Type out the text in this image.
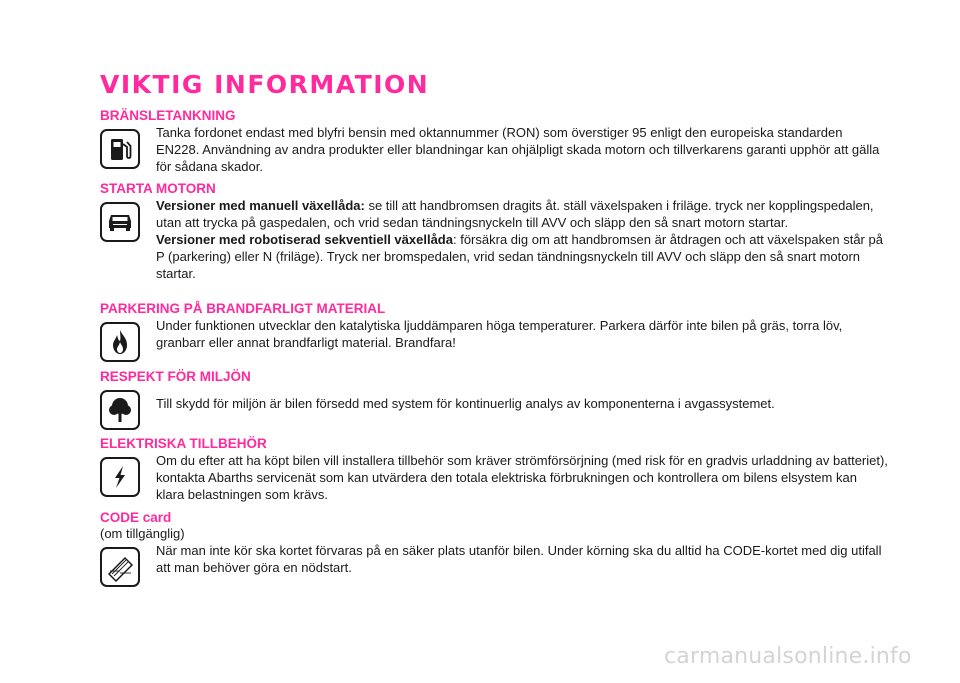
VIKTIG INFORMATION
BRÄNSLETANKNING

Tanka fordonet endast med blyfri bensin med oktannummer (RON) som överstiger 95 enligt den europeiska standarden EN228. Användning av andra produkter eller blandningar kan ohjälpligt skada motorn och tillverkarens garanti upphör att gälla för sådana skador.

STARTA MOTORN

Versioner med manuell växellåda: se till att handbromsen dragits åt. ställ växelspaken i friläge. tryck ner kopplingspedalen, utan att trycka på gaspedalen, och vrid sedan tändningsnyckeln till AVV och släpp den så snart motorn startar.

Versioner med robotiserad sekventiell växellåda: försäkra dig om att handbromsen är åtdragen och att växelspaken står på P (parkering) eller N (friläge). Tryck ner bromspedalen, vrid sedan tändningsnyckeln till AVV och släpp den så snart motorn startar.

PARKERING PÅ BRANDFARLIGT MATERIAL

Under funktionen utvecklar den katalytiska ljuddämparen höga temperaturer. Parkera därför inte bilen på gräs, torra löv, granbarr eller annat brandfarligt material. Brandfara!

RESPEKT FÖR MILJÖN

Till skydd för miljön är bilen försedd med system för kontinuerlig analys av komponenterna i avgassystemet.

ELEKTRISKA TILLBEHÖR

Om du efter att ha köpt bilen vill installera tillbehör som kräver strömförsörjning (med risk för en gradvis urladdning av batteriet), kontakta Abarths servicenät som kan utvärdera den totala elektriska förbrukningen och kontrollera om bilens elsystem kan klara belastningen som krävs.

CODE card
(om tillgänglig)

När man inte kör ska kortet förvaras på en säker plats utanför bilen. Under körning ska du alltid ha CODE-kortet med dig utifall att man behöver göra en nödstart.

carmanualsonline.info
